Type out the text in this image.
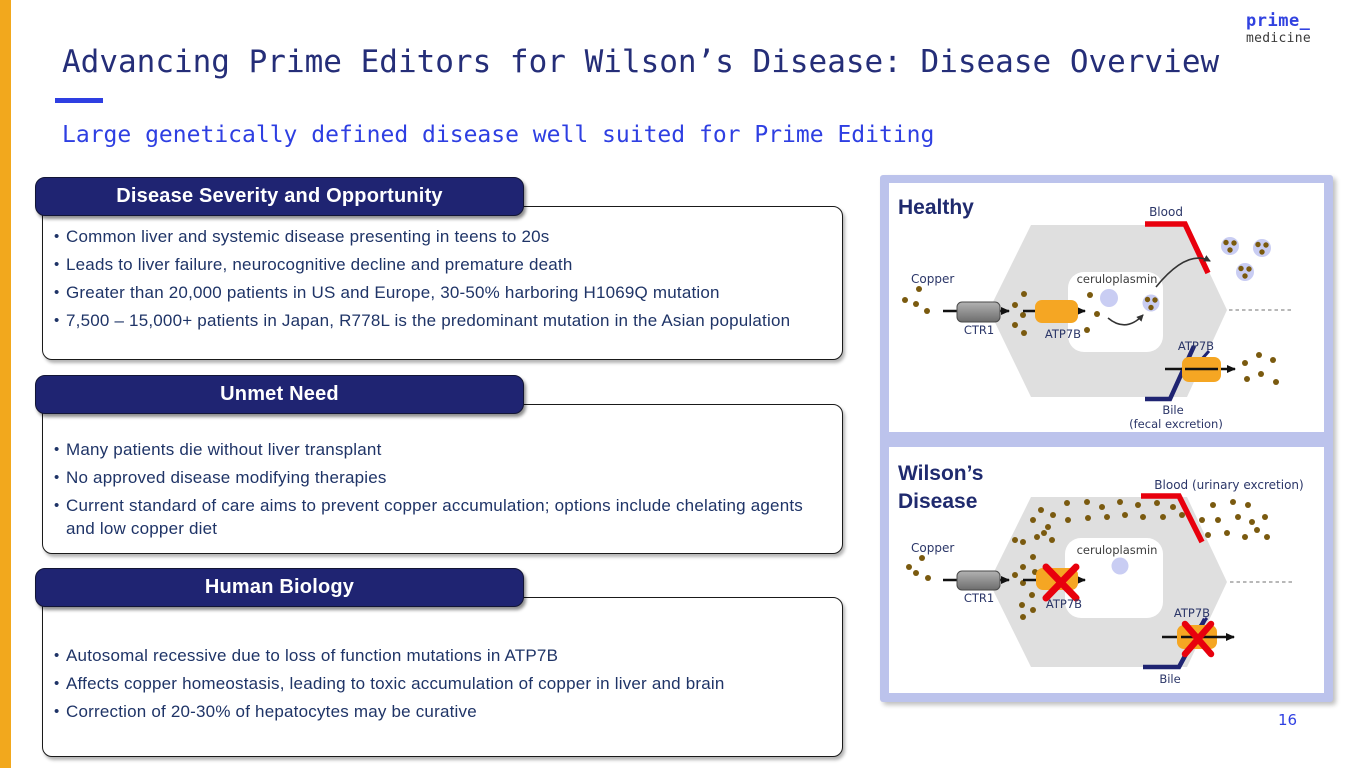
Advancing Prime Editors for Wilson’s Disease: Disease Overview
Large genetically defined disease well suited for Prime Editing
prime_
medicine
Disease Severity and Opportunity
• Common liver and systemic disease presenting in teens to 20s
• Leads to liver failure, neurocognitive decline and premature death
• Greater than 20,000 patients in US and Europe, 30-50% harboring H1069Q mutation
• 7,500 – 15,000+ patients in Japan, R778L is the predominant mutation in the Asian population
Unmet Need
• Many patients die without liver transplant
• No approved disease modifying therapies
• Current standard of care aims to prevent copper accumulation; options include chelating agents and low copper diet
Human Biology
• Autosomal recessive due to loss of function mutations in ATP7B
• Affects copper homeostasis, leading to toxic accumulation of copper in liver and brain
• Correction of 20-30% of hepatocytes may be curative
Healthy	Blood
Copper
CTR1	ATP7B
ceruloplasmin
ATP7B
Bile
(fecal excretion)
Wilson’s
Disease
Blood (urinary excretion)
Copper
CTR1	ATP7B
ceruloplasmin
ATP7B
Bile
16
